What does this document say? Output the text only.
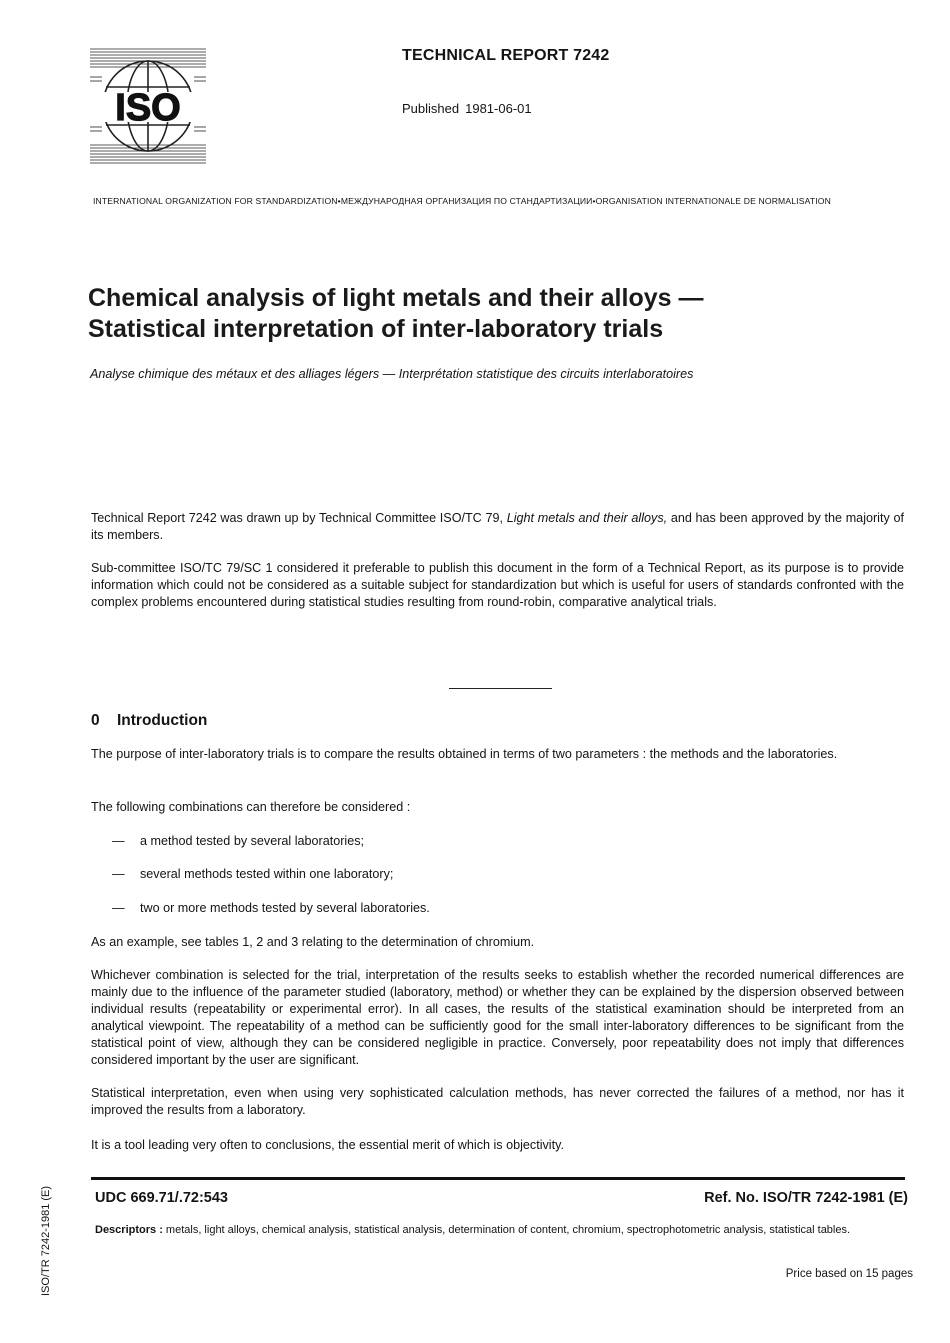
ISO
TECHNICAL REPORT 7242
Published 1981-06-01
INTERNATIONAL ORGANIZATION FOR STANDARDIZATION•МЕЖДУНАРОДНАЯ ОРГАНИЗАЦИЯ ПО СТАНДАРТИЗАЦИИ•ORGANISATION INTERNATIONALE DE NORMALISATION
Chemical analysis of light metals and their alloys —
Statistical interpretation of inter-laboratory trials
Analyse chimique des métaux et des alliages légers — Interprétation statistique des circuits interlaboratoires
Technical Report 7242 was drawn up by Technical Committee ISO/TC 79, Light metals and their alloys, and has been approved by the majority of its members.
Sub-committee ISO/TC 79/SC 1 considered it preferable to publish this document in the form of a Technical Report, as its purpose is to provide information which could not be considered as a suitable subject for standardization but which is useful for users of standards confronted with the complex problems encountered during statistical studies resulting from round-robin, comparative analytical trials.
0 Introduction
The purpose of inter-laboratory trials is to compare the results obtained in terms of two parameters : the methods and the laboratories.
The following combinations can therefore be considered :
— a method tested by several laboratories;
— several methods tested within one laboratory;
— two or more methods tested by several laboratories.
As an example, see tables 1, 2 and 3 relating to the determination of chromium.
Whichever combination is selected for the trial, interpretation of the results seeks to establish whether the recorded numerical differences are mainly due to the influence of the parameter studied (laboratory, method) or whether they can be explained by the dispersion observed between individual results (repeatability or experimental error). In all cases, the results of the statistical examination should be interpreted from an analytical viewpoint. The repeatability of a method can be sufficiently good for the small inter-laboratory differences to be significant from the statistical point of view, although they can be considered negligible in practice. Conversely, poor repeatability does not imply that differences considered important by the user are significant.
Statistical interpretation, even when using very sophisticated calculation methods, has never corrected the failures of a method, nor has it improved the results from a laboratory.
It is a tool leading very often to conclusions, the essential merit of which is objectivity.
UDC 669.71/.72:543	Ref. No. ISO/TR 7242-1981 (E)
Descriptors : metals, light alloys, chemical analysis, statistical analysis, determination of content, chromium, spectrophotometric analysis, statistical tables.
Price based on 15 pages
ISO/TR 7242-1981 (E)
